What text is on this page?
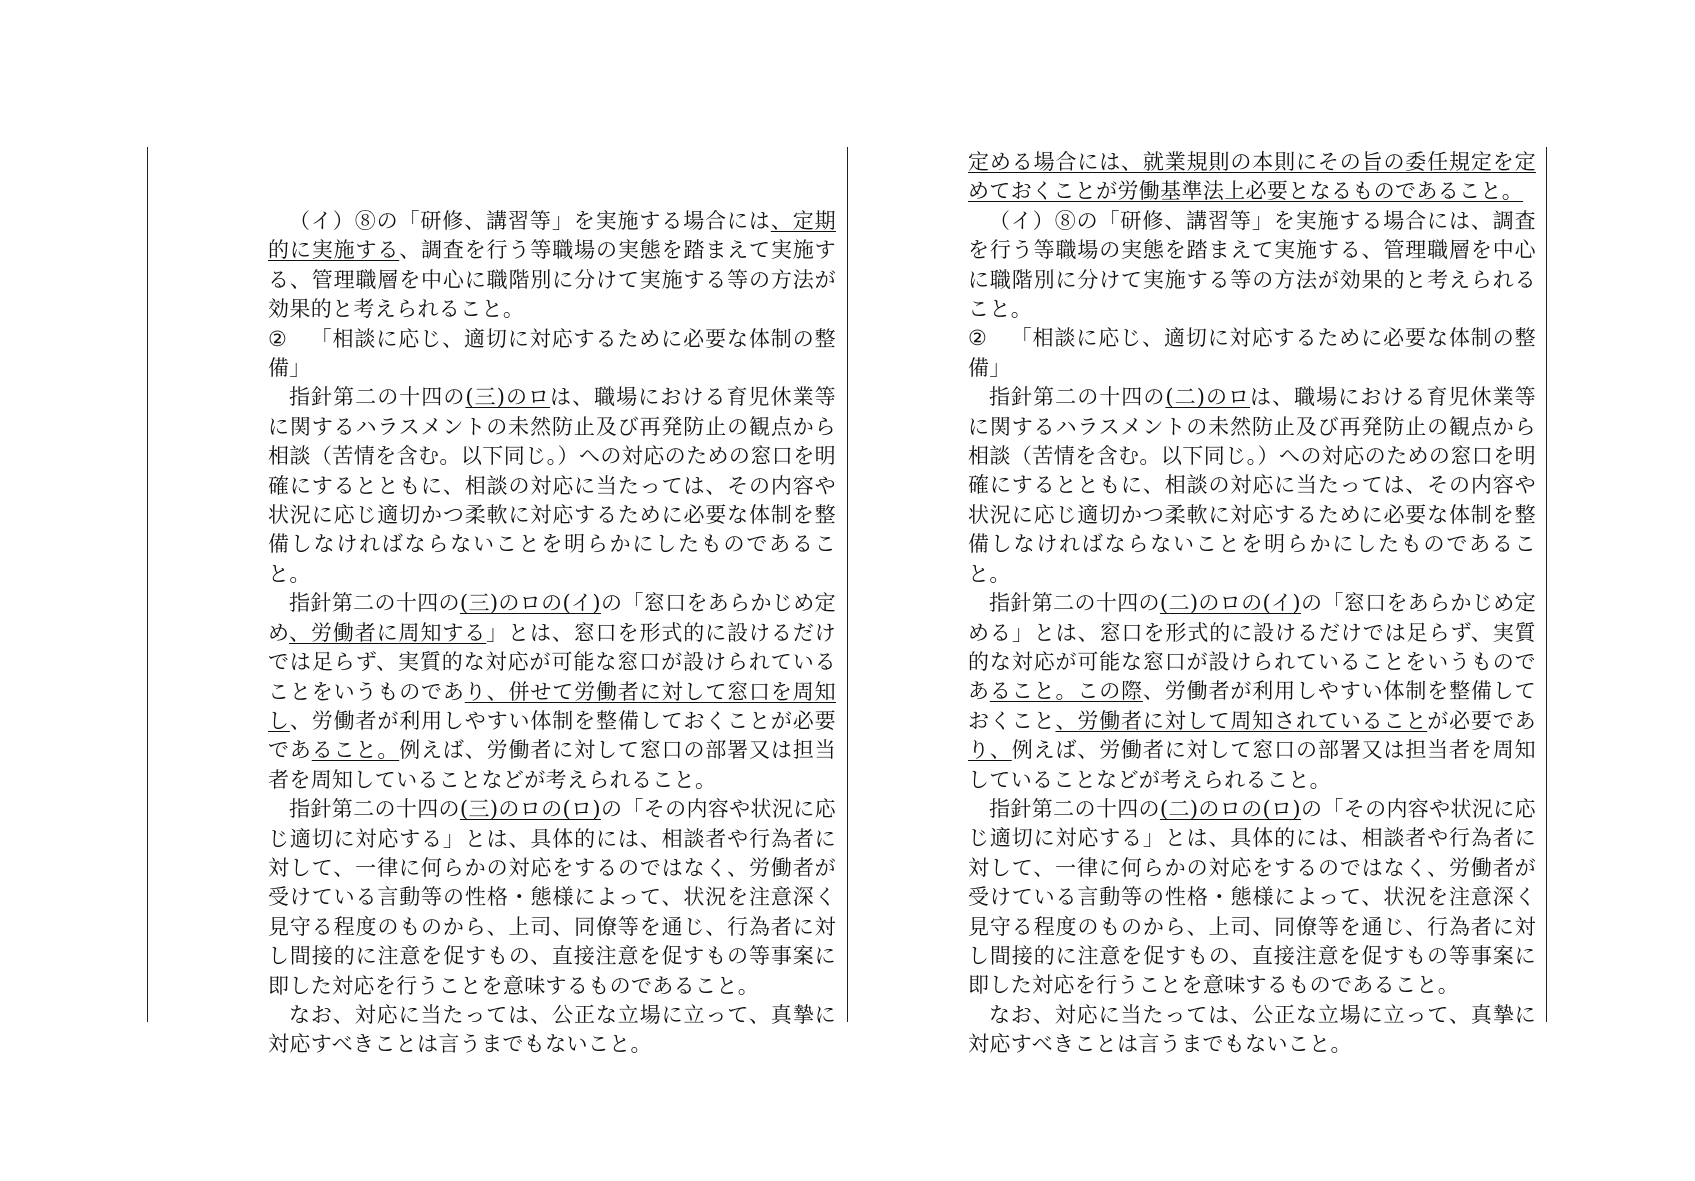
（イ）⑧の「研修、講習等」を実施する場合には、定期的に実施する、調査を行う等職場の実態を踏まえて実施する、管理職層を中心に職階別に分けて実施する等の方法が効果的と考えられること。

② 「相談に応じ、適切に対応するために必要な体制の整備」

指針第二の十四の(三)のロは、職場における育児休業等に関するハラスメントの未然防止及び再発防止の観点から相談（苦情を含む。以下同じ。）への対応のための窓口を明確にするとともに、相談の対応に当たっては、その内容や状況に応じ適切かつ柔軟に対応するために必要な体制を整備しなければならないことを明らかにしたものであること。

指針第二の十四の(三)のロの(イ)の「窓口をあらかじめ定め、労働者に周知する」とは、窓口を形式的に設けるだけでは足らず、実質的な対応が可能な窓口が設けられていることをいうものであり、併せて労働者に対して窓口を周知し、労働者が利用しやすい体制を整備しておくことが必要であること。例えば、労働者に対して窓口の部署又は担当者を周知していることなどが考えられること。

指針第二の十四の(三)のロの(ロ)の「その内容や状況に応じ適切に対応する」とは、具体的には、相談者や行為者に対して、一律に何らかの対応をするのではなく、労働者が受けている言動等の性格・態様によって、状況を注意深く見守る程度のものから、上司、同僚等を通じ、行為者に対し間接的に注意を促すもの、直接注意を促すもの等事案に即した対応を行うことを意味するものであること。

なお、対応に当たっては、公正な立場に立って、真摯に対応すべきことは言うまでもないこと。

定める場合には、就業規則の本則にその旨の委任規定を定めておくことが労働基準法上必要となるものであること。

（イ）⑧の「研修、講習等」を実施する場合には、調査を行う等職場の実態を踏まえて実施する、管理職層を中心に職階別に分けて実施する等の方法が効果的と考えられること。

② 「相談に応じ、適切に対応するために必要な体制の整備」

指針第二の十四の(二)のロは、職場における育児休業等に関するハラスメントの未然防止及び再発防止の観点から相談（苦情を含む。以下同じ。）への対応のための窓口を明確にするとともに、相談の対応に当たっては、その内容や状況に応じ適切かつ柔軟に対応するために必要な体制を整備しなければならないことを明らかにしたものであること。

指針第二の十四の(二)のロの(イ)の「窓口をあらかじめ定める」とは、窓口を形式的に設けるだけでは足らず、実質的な対応が可能な窓口が設けられていることをいうものであること。この際、労働者が利用しやすい体制を整備しておくこと、労働者に対して周知されていることが必要であり、例えば、労働者に対して窓口の部署又は担当者を周知していることなどが考えられること。

指針第二の十四の(二)のロの(ロ)の「その内容や状況に応じ適切に対応する」とは、具体的には、相談者や行為者に対して、一律に何らかの対応をするのではなく、労働者が受けている言動等の性格・態様によって、状況を注意深く見守る程度のものから、上司、同僚等を通じ、行為者に対し間接的に注意を促すもの、直接注意を促すもの等事案に即した対応を行うことを意味するものであること。

なお、対応に当たっては、公正な立場に立って、真摯に対応すべきことは言うまでもないこと。
